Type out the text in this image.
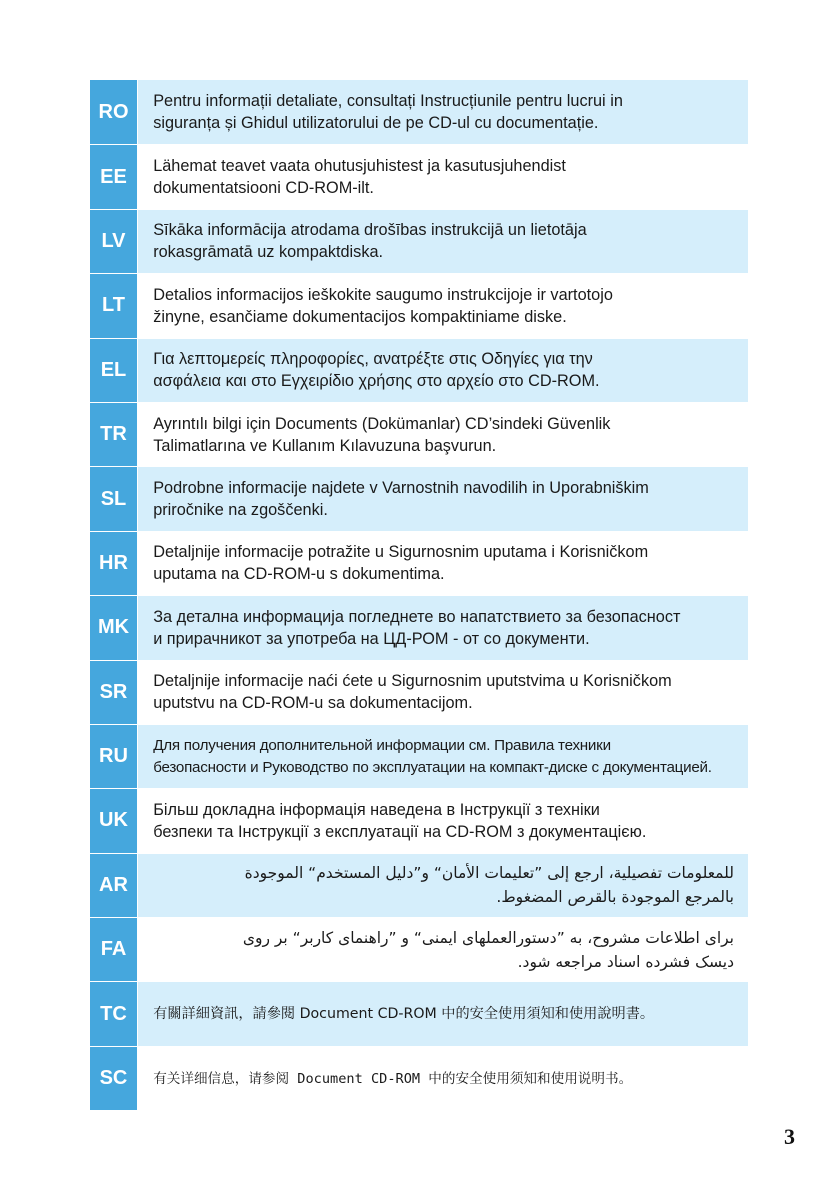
RO	Pentru informații detaliate, consultați Instrucțiunile pentru lucrui in
siguranța și Ghidul utilizatorului de pe CD-ul cu documentație.
EE	Lähemat teavet vaata ohutusjuhistest ja kasutusjuhendist
dokumentatsiooni CD-ROM-ilt.
LV	Sīkāka informācija atrodama drošības instrukcijā un lietotāja
rokasgrāmatā uz kompaktdiska.
LT	Detalios informacijos ieškokite saugumo instrukcijoje ir vartotojo
žinyne, esančiame dokumentacijos kompaktiniame diske.
EL	Για λεπτομερείς πληροφορίες, ανατρέξτε στις Οδηγίες για την
ασφάλεια και στο Εγχειρίδιο χρήσης στο αρχείο στο CD-ROM.
TR	Ayrıntılı bilgi için Documents (Dokümanlar) CD’sindeki Güvenlik
Talimatlarına ve Kullanım Kılavuzuna başvurun.
SL	Podrobne informacije najdete v Varnostnih navodilih in Uporabniškim
priročnike na zgoščenki.
HR	Detaljnije informacije potražite u Sigurnosnim uputama i Korisničkom
uputama na CD-ROM-u s dokumentima.
MK	За детална информација погледнете во напатствието за безопасност
и прирачникот за употреба на ЦД-РОМ - от со документи.
SR	Detaljnije informacije naći ćete u Sigurnosnim uputstvima u Korisničkom
uputstvu na CD-ROM-u sa dokumentacijom.
RU	Для получения дополнительной информации см. Правила техники
безопасности и Руководство по эксплуатации на компакт-диске с документацией.
UK	Більш докладна інформація наведена в Інструкції з техніки
безпеки та Інструкції з експлуатації на CD-ROM з документацією.
AR
للمعلومات تفصيلية، ارجع إلى ”تعليمات الأمان“ و”دليل المستخدم“ الموجودة
بالمرجع الموجودة بالقرص المضغوط.
FA
برای اطلاعات مشروح، به ”دستورالعملهای ایمنی“ و ”راهنمای کاربر“ بر روی
دیسک فشرده اسناد مراجعه شود.
TC	有關詳細資訊，請參閱 Document CD-ROM 中的安全使用須知和使用說明書。
SC	有关详细信息，请参阅 Document CD-ROM 中的安全使用须知和使用说明书。
3
